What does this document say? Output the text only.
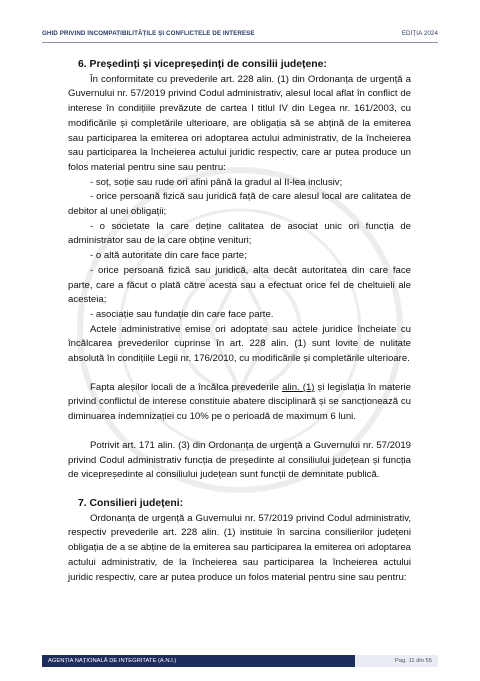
GHID PRIVIND INCOMPATIBILITĂȚILE ȘI CONFLICTELE DE INTERESE	EDIȚIA 2024

6. Președinți și vicepreședinți de consilii județene:

În conformitate cu prevederile art. 228 alin. (1) din Ordonanța de urgență a Guvernului nr. 57/2019 privind Codul administrativ, alesul local aflat în conflict de interese în condițiile prevăzute de cartea I titlul IV din Legea nr. 161/2003, cu modificările și completările ulterioare, are obligația să se abțină de la emiterea sau participarea la emiterea ori adoptarea actului administrativ, de la încheierea sau participarea la încheierea actului juridic respectiv, care ar putea produce un folos material pentru sine sau pentru:

- soț, soție sau rude ori afini până la gradul al II-lea inclusiv;

- orice persoană fizică sau juridică față de care alesul local are calitatea de debitor al unei obligații;

- o societate la care deține calitatea de asociat unic ori funcția de administrator sau de la care obține venituri;

- o altă autoritate din care face parte;

- orice persoană fizică sau juridică, alta decât autoritatea din care face parte, care a făcut o plată către acesta sau a efectuat orice fel de cheltuieli ale acesteia;

- asociație sau fundație din care face parte.

Actele administrative emise ori adoptate sau actele juridice încheiate cu încălcarea prevederilor cuprinse în art. 228 alin. (1) sunt lovite de nulitate absolută în condițiile Legii nr. 176/2010, cu modificările și completările ulterioare.

Fapta aleșilor locali de a încălca prevederile alin. (1) și legislația în materie privind conflictul de interese constituie abatere disciplinară și se sancționează cu diminuarea indemnizației cu 10% pe o perioadă de maximum 6 luni.

Potrivit art. 171 alin. (3) din Ordonanța de urgență a Guvernului nr. 57/2019 privind Codul administrativ funcția de președinte al consiliului județean și funcția de vicepreședinte al consiliului județean sunt funcții de demnitate publică.

7. Consilieri județeni:

Ordonanța de urgență a Guvernului nr. 57/2019 privind Codul administrativ, respectiv prevederile art. 228 alin. (1) instituie în sarcina consilierilor județeni obligația de a se abține de la emiterea sau participarea la emiterea ori adoptarea actului administrativ, de la încheierea sau participarea la încheierea actului juridic respectiv, care ar putea produce un folos material pentru sine sau pentru:

AGENȚIA NAȚIONALĂ DE INTEGRITATE (A.N.I.)	Pag. 11 din 55
